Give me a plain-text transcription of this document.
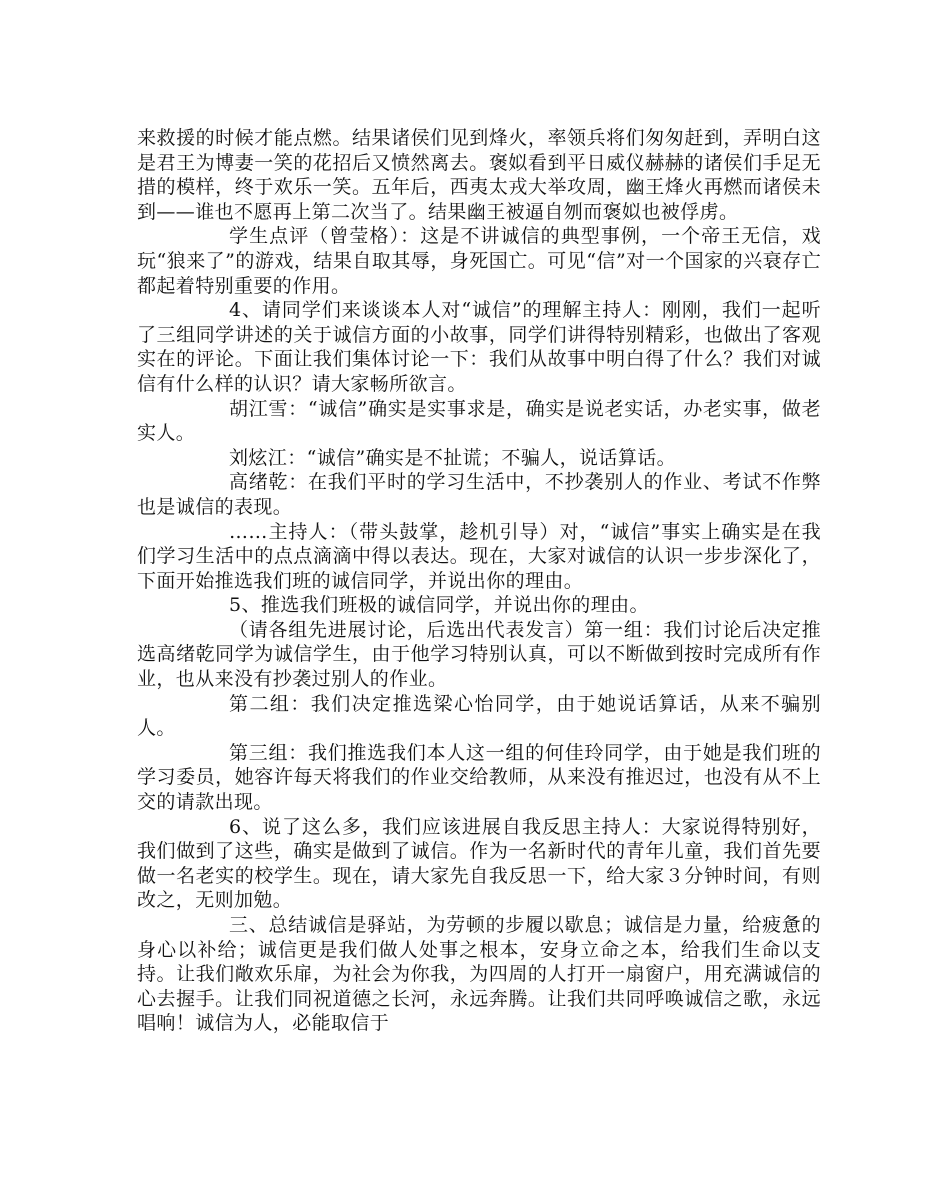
来救援的时候才能点燃。结果诸侯们见到烽火，率领兵将们匆匆赶到，弄明白这是君王为博妻一笑的花招后又愤然离去。褒姒看到平日威仪赫赫的诸侯们手足无措的模样，终于欢乐一笑。五年后，西夷太戎大举攻周，幽王烽火再燃而诸侯未到——谁也不愿再上第二次当了。结果幽王被逼自刎而褒姒也被俘虏。

学生点评（曾莹格）：这是不讲诚信的典型事例，一个帝王无信，戏玩“狼来了”的游戏，结果自取其辱，身死国亡。可见“信”对一个国家的兴衰存亡都起着特别重要的作用。

4、请同学们来谈谈本人对“诚信”的理解主持人：刚刚，我们一起听了三组同学讲述的关于诚信方面的小故事，同学们讲得特别精彩，也做出了客观实在的评论。下面让我们集体讨论一下：我们从故事中明白得了什么？我们对诚信有什么样的认识？请大家畅所欲言。

胡江雪：“诚信”确实是实事求是，确实是说老实话，办老实事，做老实人。

刘炫江：“诚信”确实是不扯谎；不骗人，说话算话。

高绪乾：在我们平时的学习生活中，不抄袭别人的作业、考试不作弊也是诚信的表现。

……主持人：（带头鼓掌，趁机引导）对，“诚信”事实上确实是在我们学习生活中的点点滴滴中得以表达。现在，大家对诚信的认识一步步深化了，下面开始推选我们班的诚信同学，并说出你的理由。

5、推选我们班极的诚信同学，并说出你的理由。

（请各组先进展讨论，后选出代表发言）第一组：我们讨论后决定推选高绪乾同学为诚信学生，由于他学习特别认真，可以不断做到按时完成所有作业，也从来没有抄袭过别人的作业。

第二组：我们决定推选梁心怡同学，由于她说话算话，从来不骗别人。

第三组：我们推选我们本人这一组的何佳玲同学，由于她是我们班的学习委员，她容许每天将我们的作业交给教师，从来没有推迟过，也没有从不上交的请款出现。

6、说了这么多，我们应该进展自我反思主持人：大家说得特别好，我们做到了这些，确实是做到了诚信。作为一名新时代的青年儿童，我们首先要做一名老实的校学生。现在，请大家先自我反思一下，给大家３分钟时间，有则改之，无则加勉。

三、总结诚信是驿站，为劳顿的步履以歇息；诚信是力量，给疲惫的身心以补给；诚信更是我们做人处事之根本，安身立命之本，给我们生命以支持。让我们敞欢乐扉，为社会为你我，为四周的人打开一扇窗户，用充满诚信的心去握手。让我们同祝道德之长河，永远奔腾。让我们共同呼唤诚信之歌，永远唱响！诚信为人，必能取信于
